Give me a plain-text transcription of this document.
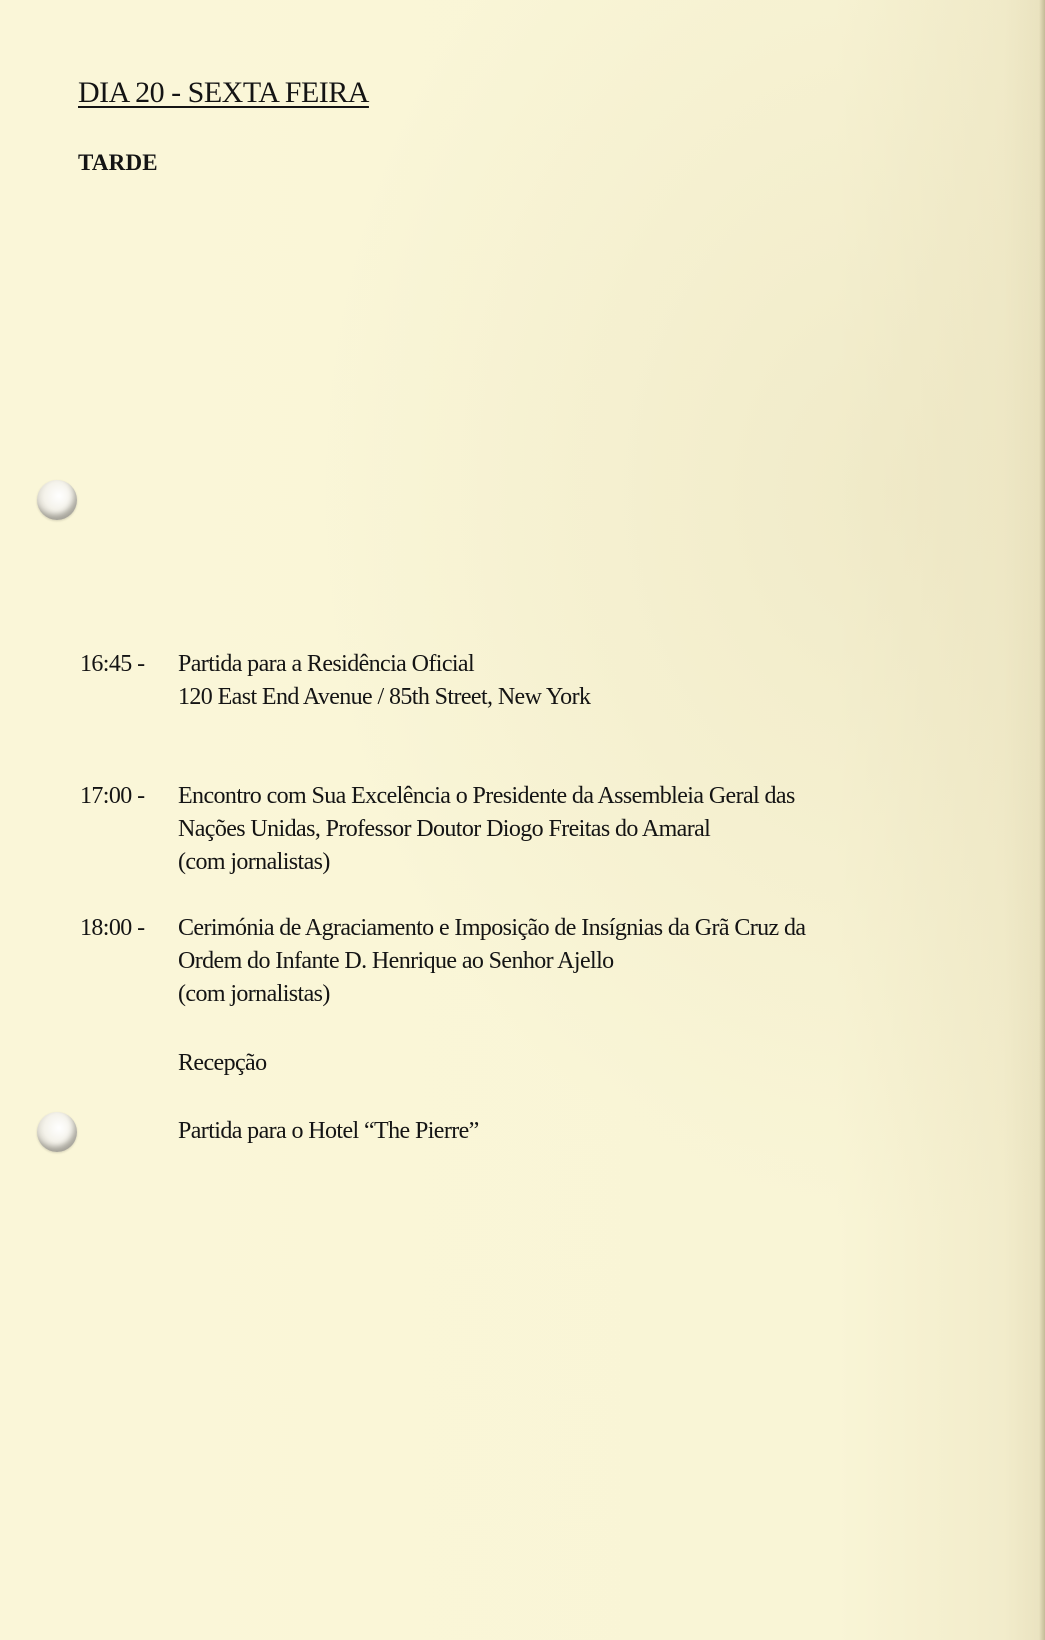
DIA 20 - SEXTA FEIRA
TARDE
16:45 - Partida para a Residência Oficial
120 East End Avenue / 85th Street, New York
17:00 - Encontro com Sua Excelência o Presidente da Assembleia Geral das
Nações Unidas, Professor Doutor Diogo Freitas do Amaral
(com jornalistas)
18:00 - Cerimónia de Agraciamento e Imposição de Insígnias da Grã Cruz da
Ordem do Infante D. Henrique ao Senhor Ajello
(com jornalistas)
Recepção
Partida para o Hotel “The Pierre”
